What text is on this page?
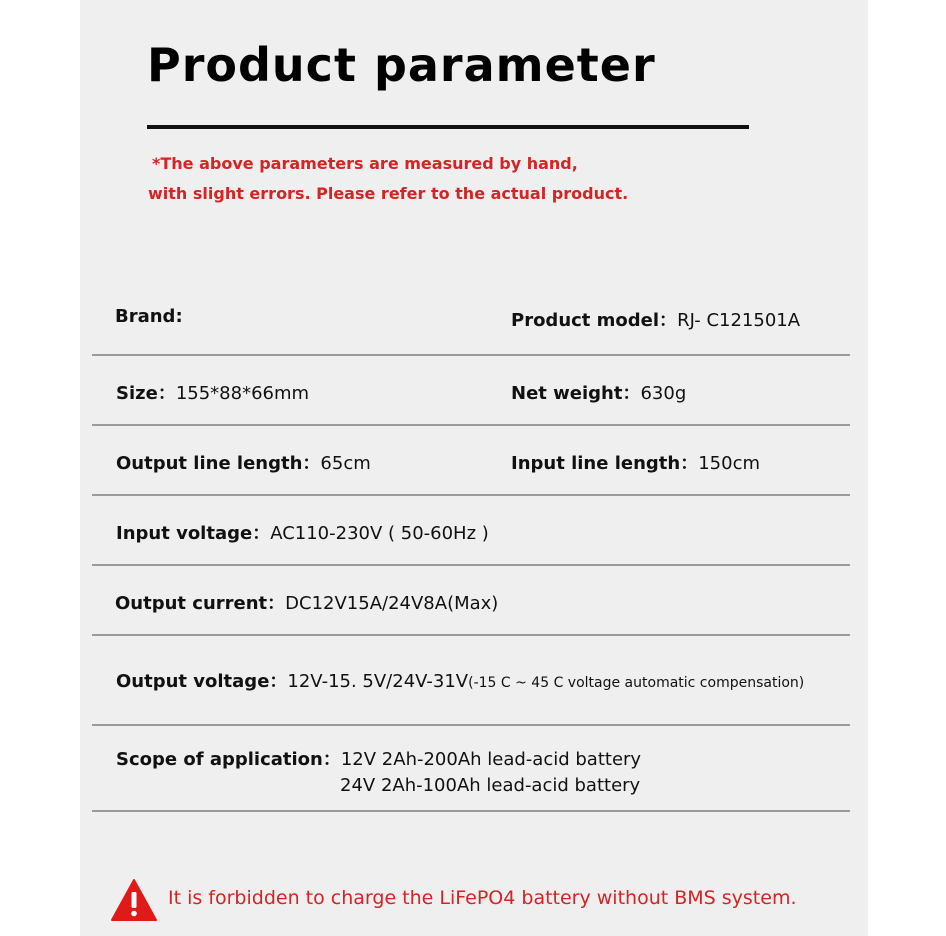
Product parameter
*The above parameters are measured by hand,
with slight errors. Please refer to the actual product.
Brand:	Product model：RJ- C121501A
Size：155*88*66mm	Net weight：630g
Output line length：65cm	Input line length：150cm
Input voltage：AC110-230V ( 50-60Hz )
Output current：DC12V15A/24V8A(Max)
Output voltage：12V-15. 5V/24V-31V(-15 C ~ 45 C voltage automatic compensation)
Scope of application：12V 2Ah-200Ah lead-acid battery
24V 2Ah-100Ah lead-acid battery
It is forbidden to charge the LiFePO4 battery without BMS system.
